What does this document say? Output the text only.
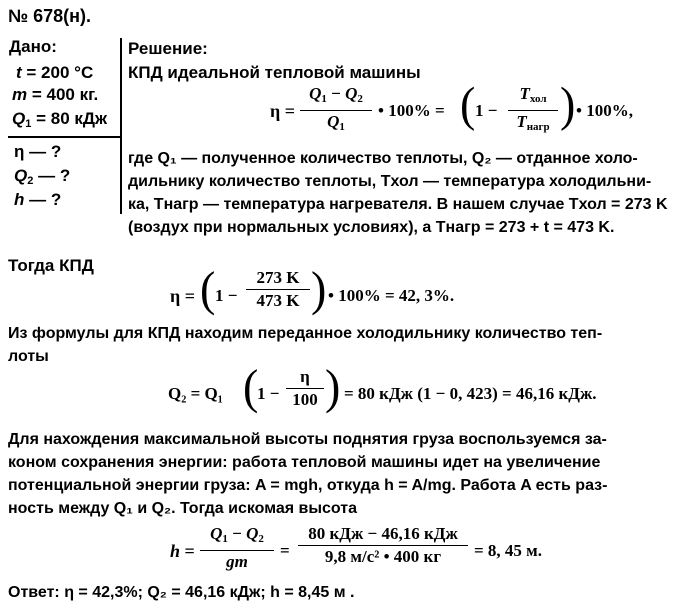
№ 678(н).
Дано:
t = 200 °C
m = 400 кг.
$Q_1 = 80$ кДж
η — ?
$Q_2$ — ?
h — ?
Решение:
КПД идеальной тепловой машины
η =
$Q_1 - Q_2$
$Q_1$
• 100% = ( 1 −
$T_{хол}$
$T_{нагр}$ ) • 100%,
где Q₁ — полученное количество теплоты, Q₂ — отданное холо-
дильнику количество теплоты, Tхол — температура холодильни-
ка, Tнагр — температура нагревателя. В нашем случае Tхол = 273 K
(воздух при нормальных условиях), а Tнагр = 273 + t = 473 K.
Тогда КПД
η = ( 1 −
273 K
473 K ) • 100% = 42, 3%.
Из формулы для КПД находим переданное холодильнику количество теп-
лоты
Q₂ = Q₁ (
1 −
η
100 ) = 80 кДж (1 − 0, 423) = 46,16 кДж.
Для нахождения максимальной высоты поднятия груза воспользуемся за-
коном сохранения энергии: работа тепловой машины идет на увеличение
потенциальной энергии груза: A = mgh, откуда h = A/mg. Работа A есть раз-
ность между Q₁ и Q₂. Тогда искомая высота
h =
$Q_1 - Q_2$
gm
=
80 кДж − 46,16 кДж
9,8 м/с² • 400 кг	= 8, 45 м.
Ответ: η = 42,3%; Q₂ = 46,16 кДж; h = 8,45 м .
